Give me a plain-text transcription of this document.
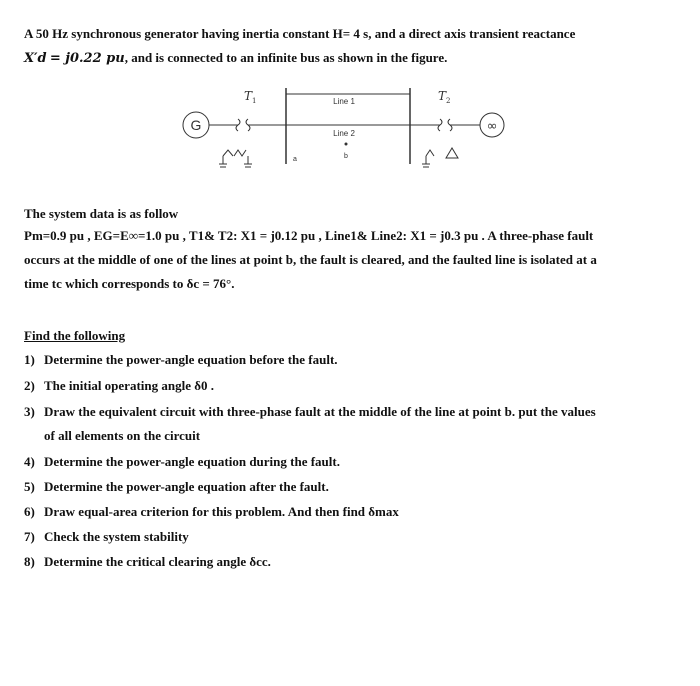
A 50 Hz synchronous generator having inertia constant H= 4 s, and a direct axis transient reactance
X′d = j0.22 pu, and is connected to an infinite bus as shown in the figure.
G
T 1
a
Line 1
Line 2
b
T 2
∞
The system data is as follow
Pm=0.9 pu , EG=E∞=1.0 pu , T1& T2: X1 = j0.12 pu , Line1& Line2: X1 = j0.3 pu . A three-phase fault
occurs at the middle of one of the lines at point b, the fault is cleared, and the faulted line is isolated at a
time tc which corresponds to δc = 76°.
Find the following
1) Determine the power-angle equation before the fault.
2) The initial operating angle δ0 .
3) Draw the equivalent circuit with three-phase fault at the middle of the line at point b. put the values
of all elements on the circuit
4) Determine the power-angle equation during the fault.
5) Determine the power-angle equation after the fault.
6) Draw equal-area criterion for this problem. And then find δmax
7) Check the system stability
8) Determine the critical clearing angle δcc.
